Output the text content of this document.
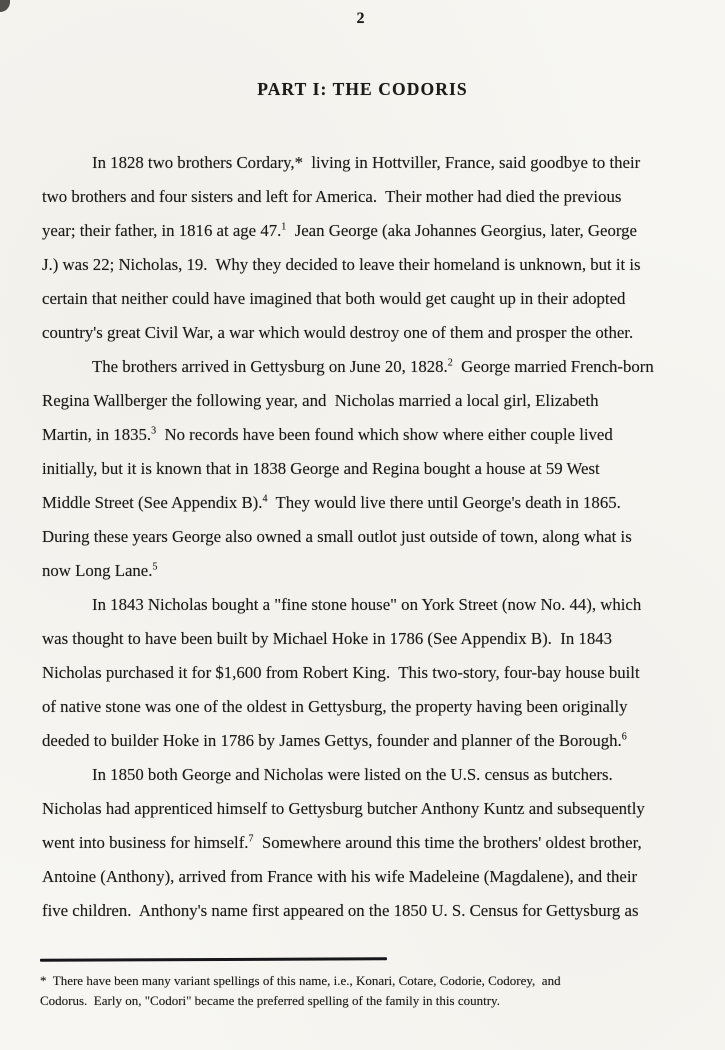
2
PART I: THE CODORIS
In 1828 two brothers Cordary,*  living in Hottviller, France, said goodbye to their
two brothers and four sisters and left for America.  Their mother had died the previous
year; their father, in 1816 at age 47.$^1$  Jean George (aka Johannes Georgius, later, George
J.) was 22; Nicholas, 19.  Why they decided to leave their homeland is unknown, but it is
certain that neither could have imagined that both would get caught up in their adopted
country's great Civil War, a war which would destroy one of them and prosper the other.
The brothers arrived in Gettysburg on June 20, 1828.$^2$  George married French-born
Regina Wallberger the following year, and  Nicholas married a local girl, Elizabeth
Martin, in 1835.$^3$  No records have been found which show where either couple lived
initially, but it is known that in 1838 George and Regina bought a house at 59 West
Middle Street (See Appendix B).$^4$  They would live there until George's death in 1865.
During these years George also owned a small outlot just outside of town, along what is
now Long Lane.$^5$
In 1843 Nicholas bought a "fine stone house" on York Street (now No. 44), which
was thought to have been built by Michael Hoke in 1786 (See Appendix B).  In 1843
Nicholas purchased it for $1,600 from Robert King.  This two-story, four-bay house built
of native stone was one of the oldest in Gettysburg, the property having been originally
deeded to builder Hoke in 1786 by James Gettys, founder and planner of the Borough.$^6$
In 1850 both George and Nicholas were listed on the U.S. census as butchers.
Nicholas had apprenticed himself to Gettysburg butcher Anthony Kuntz and subsequently
went into business for himself.$^7$  Somewhere around this time the brothers' oldest brother,
Antoine (Anthony), arrived from France with his wife Madeleine (Magdalene), and their
five children.  Anthony's name first appeared on the 1850 U. S. Census for Gettysburg as
*  There have been many variant spellings of this name, i.e., Konari, Cotare, Codorie, Codorey,  and
Codorus.  Early on, "Codori" became the preferred spelling of the family in this country.
